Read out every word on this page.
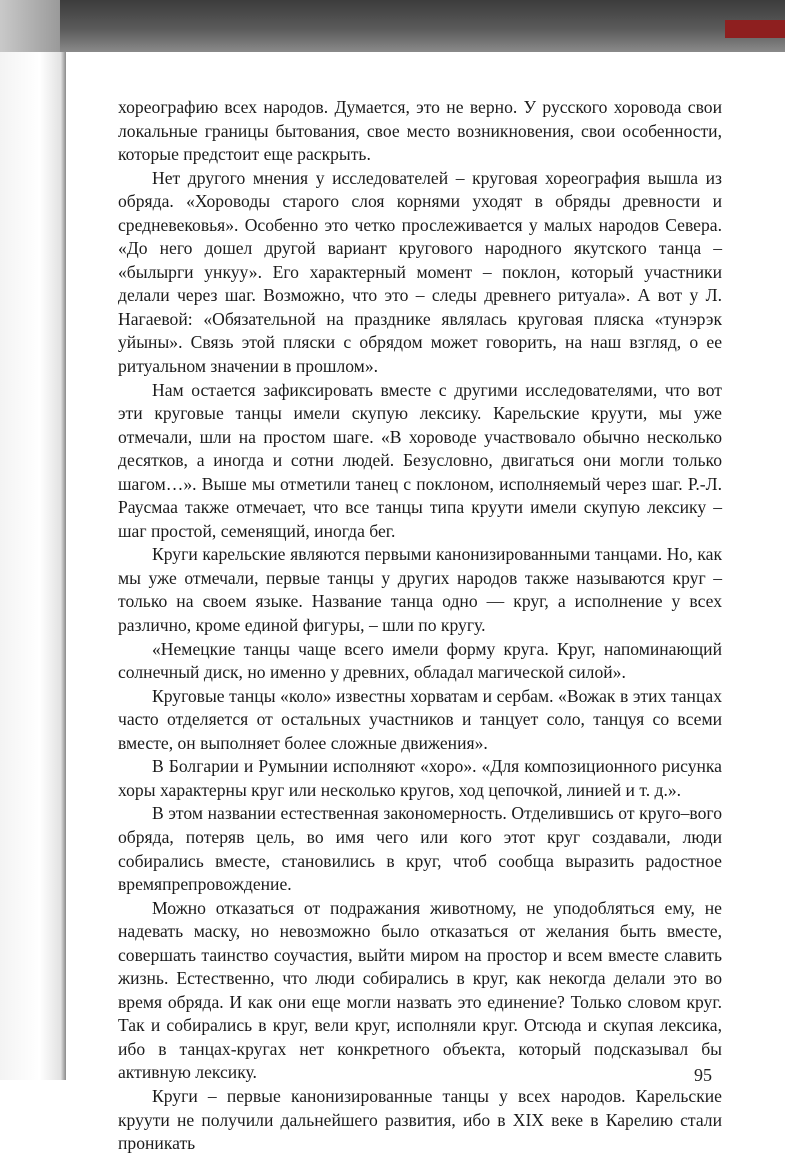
хореографию всех народов. Думается, это не верно. У русского хоровода свои локальные границы бытования, свое место возникновения, свои особенности, которые предстоит еще раскрыть.

Нет другого мнения у исследователей – круговая хореография вышла из обряда. «Хороводы старого слоя корнями уходят в обряды древности и средневековья». Особенно это четко прослеживается у малых народов Севера. «До него дошел другой вариант кругового народного якутского танца – «былырги ункуу». Его характерный момент – поклон, который участники делали через шаг. Возможно, что это – следы древнего ритуала». А вот у Л. Нагаевой: «Обязательной на празднике являлась круговая пляска «тунэрэк уйыны». Связь этой пляски с обрядом может говорить, на наш взгляд, о ее ритуальном значении в прошлом».

Нам остается зафиксировать вместе с другими исследователями, что вот эти круговые танцы имели скупую лексику. Карельские круути, мы уже отмечали, шли на простом шаге. «В хороводе участвовало обычно несколько десятков, а иногда и сотни людей. Безусловно, двигаться они могли только шагом…». Выше мы отметили танец с поклоном, исполняемый через шаг. Р.-Л. Раусмаа также отмечает, что все танцы типа круути имели скупую лексику – шаг простой, семенящий, иногда бег.

Круги карельские являются первыми канонизированными танцами. Но, как мы уже отмечали, первые танцы у других народов также называются круг – только на своем языке. Название танца одно — круг, а исполнение у всех различно, кроме единой фигуры, – шли по кругу.

«Немецкие танцы чаще всего имели форму круга. Круг, напоминающий солнечный диск, но именно у древних, обладал магической силой».

Круговые танцы «коло» известны хорватам и сербам. «Вожак в этих танцах часто отделяется от остальных участников и танцует соло, танцуя со всеми вместе, он выполняет более сложные движения».

В Болгарии и Румынии исполняют «хоро». «Для композиционного рисунка хоры характерны круг или несколько кругов, ход цепочкой, линией и т. д.».

В этом названии естественная закономерность. Отделившись от круго–вого обряда, потеряв цель, во имя чего или кого этот круг создавали, люди собирались вместе, становились в круг, чтоб сообща выразить радостное времяпрепровождение.

Можно отказаться от подражания животному, не уподобляться ему, не надевать маску, но невозможно было отказаться от желания быть вместе, совершать таинство соучастия, выйти миром на простор и всем вместе славить жизнь. Естественно, что люди собирались в круг, как некогда делали это во время обряда. И как они еще могли назвать это единение? Только словом круг. Так и собирались в круг, вели круг, исполняли круг. Отсюда и скупая лексика, ибо в танцах-кругах нет конкретного объекта, который подсказывал бы активную лексику.

Круги – первые канонизированные танцы у всех народов. Карельские круути не получили дальнейшего развития, ибо в XIX веке в Карелию стали проникать

95
